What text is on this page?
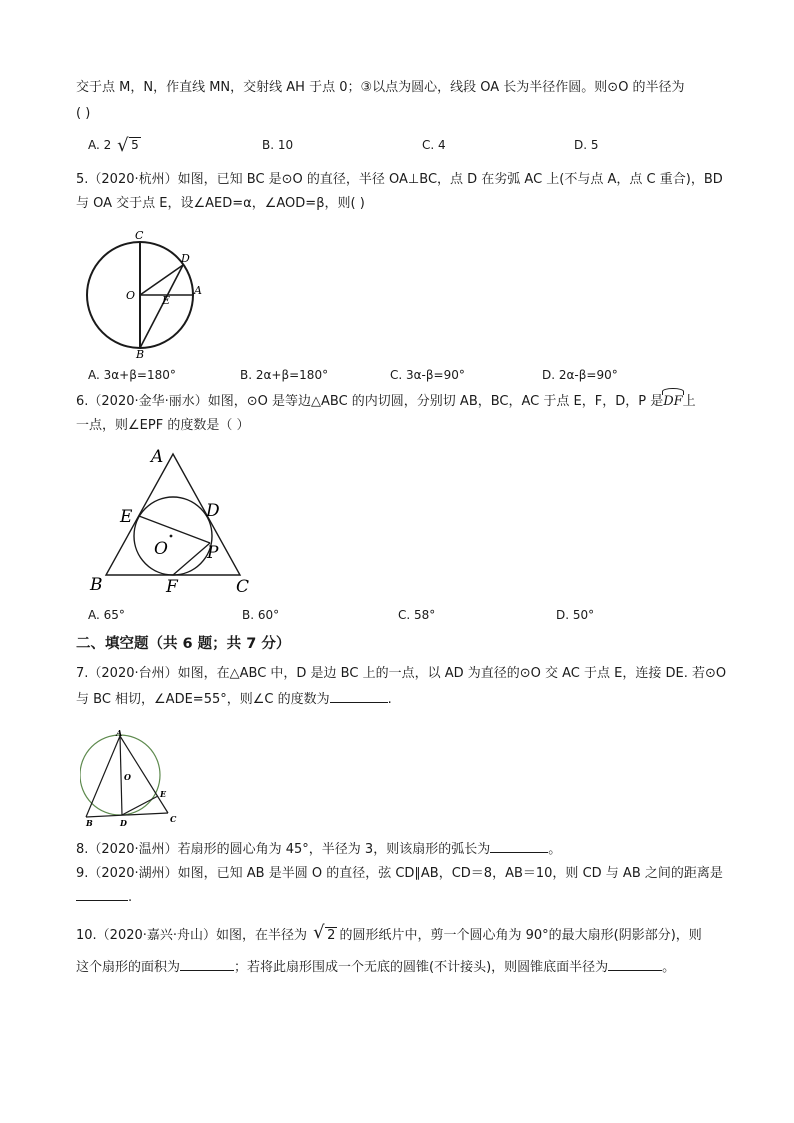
交于点 M，N，作直线 MN，交射线 AH 于点 0；③以点为圆心，线段 OA 长为半径作圆。则⊙O 的半径为
( )
A. 2 √ 5	B. 10	C. 4	D. 5
5.（2020·杭州）如图，已知 BC 是⊙O 的直径，半径 OA⊥BC，点 D 在劣弧 AC 上(不与点 A，点 C 重合)，BD
与 OA 交于点 E，设∠AED=α，∠AOD=β，则( )
C
D
O E
A
B
A. 3α+β=180°	B. 2α+β=180°	C. 3α-β=90°	D. 2α-β=90°
6.（2020·金华·丽水）如图，⊙O 是等边△ABC 的内切圆，分别切 AB，BC，AC 于点 E，F，D，P 是DF上
一点，则∠EPF 的度数是（ ）
A
D
E
O P
B	F	C
A. 65°	B. 60°	C. 58°	D. 50°
二、填空题（共 6 题；共 7 分）
7.（2020·台州）如图，在△ABC 中，D 是边 BC 上的一点，以 AD 为直径的⊙O 交 AC 于点 E，连接 DE. 若⊙O
与 BC 相切，∠ADE=55°，则∠C 的度数为	.
A
O
E
B	D	C
8.（2020·温州）若扇形的圆心角为 45°，半径为 3，则该扇形的弧长为	。
9.（2020·湖州）如图，已知 AB 是半圆 O 的直径，弦 CD∥AB，CD＝8，AB＝10，则 CD 与 AB 之间的距离是
.
10.（2020·嘉兴·舟山）如图，在半径为 √ 2 的圆形纸片中，剪一个圆心角为 90°的最大扇形(阴影部分)，则
这个扇形的面积为	；若将此扇形围成一个无底的圆锥(不计接头)，则圆锥底面半径为	。
